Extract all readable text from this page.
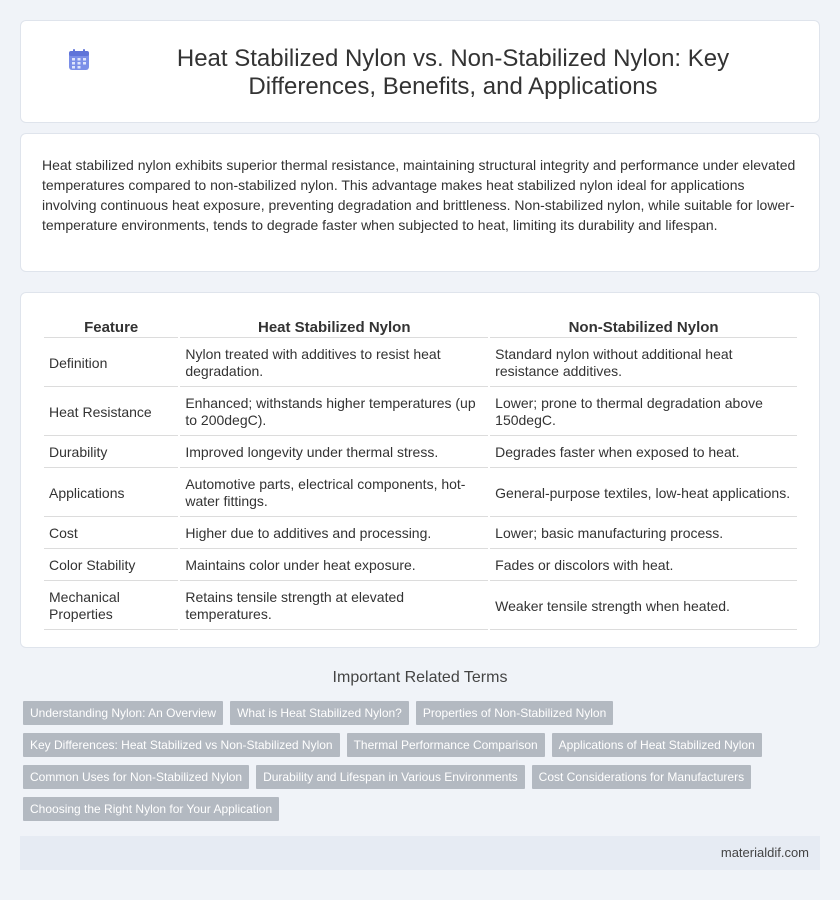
Heat Stabilized Nylon vs. Non-Stabilized Nylon: Key Differences, Benefits, and Applications

Heat stabilized nylon exhibits superior thermal resistance, maintaining structural integrity and performance under elevated temperatures compared to non-stabilized nylon. This advantage makes heat stabilized nylon ideal for applications involving continuous heat exposure, preventing degradation and brittleness. Non-stabilized nylon, while suitable for lower-temperature environments, tends to degrade faster when subjected to heat, limiting its durability and lifespan.

Feature	Heat Stabilized Nylon	Non-Stabilized Nylon
Definition	Nylon treated with additives to resist heat degradation.	Standard nylon without additional heat resistance additives.
Heat Resistance	Enhanced; withstands higher temperatures (up to 200degC).	Lower; prone to thermal degradation above 150degC.
Durability	Improved longevity under thermal stress.	Degrades faster when exposed to heat.
Applications	Automotive parts, electrical components, hot-water fittings.	General-purpose textiles, low-heat applications.
Cost	Higher due to additives and processing.	Lower; basic manufacturing process.
Color Stability	Maintains color under heat exposure.	Fades or discolors with heat.
Mechanical Properties	Retains tensile strength at elevated temperatures.	Weaker tensile strength when heated.
Important Related Terms
Understanding Nylon: An Overview	What is Heat Stabilized Nylon?	Properties of Non-Stabilized Nylon
Key Differences: Heat Stabilized vs Non-Stabilized Nylon	Thermal Performance Comparison	Applications of Heat Stabilized Nylon
Common Uses for Non-Stabilized Nylon	Durability and Lifespan in Various Environments	Cost Considerations for Manufacturers
Choosing the Right Nylon for Your Application
materialdif.com
